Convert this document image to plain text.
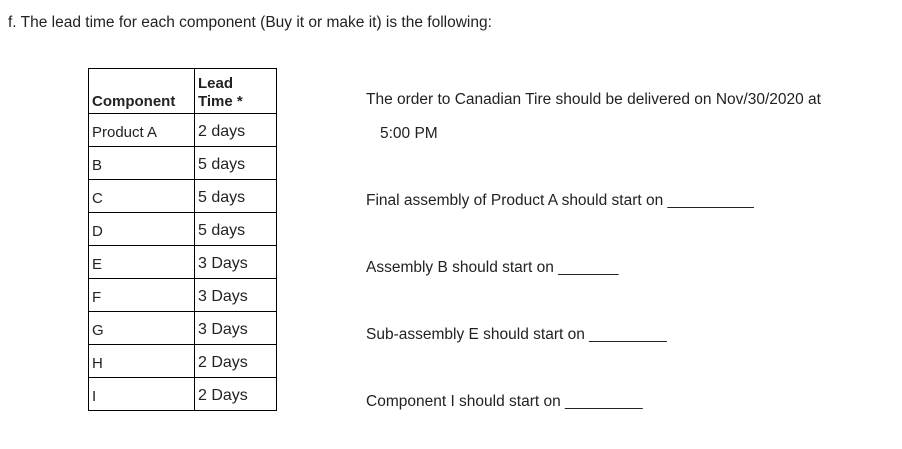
f. The lead time for each component (Buy it or make it) is the following:
Component	Lead
Time *

Product A	2 days
B	5 days
C	5 days
D	5 days
E	3 Days
F	3 Days
G	3 Days
H	2 Days
I	2 Days
The order to Canadian Tire should be delivered on Nov/30/2020 at
5:00 PM
Final assembly of Product A should start on __________
Assembly B should start on _______
Sub-assembly E should start on _________
Component I should start on _________
